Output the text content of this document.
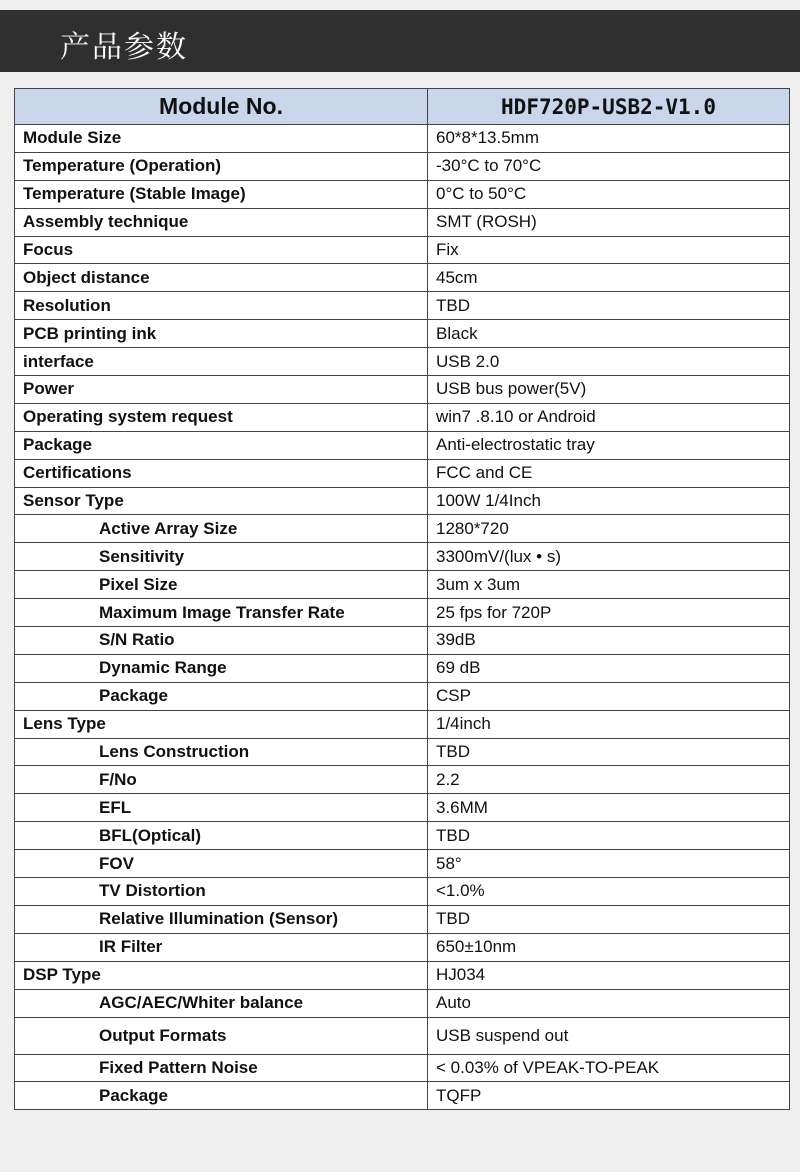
产品参数
Module No.	HDF720P-USB2-V1.0
Module Size	60*8*13.5mm
Temperature (Operation)	-30°C to 70°C
Temperature (Stable Image)	0°C to 50°C
Assembly technique	SMT (ROSH)
Focus	Fix
Object distance	45cm
Resolution	TBD
PCB printing ink	Black
interface	USB 2.0
Power	USB bus power(5V)
Operating system request	win7 .8.10 or Android
Package	Anti-electrostatic tray
Certifications	FCC and CE
Sensor Type	100W 1/4Inch
Active Array Size	1280*720
Sensitivity	3300mV/(lux • s)
Pixel Size	3um x 3um
Maximum Image Transfer Rate	25 fps for 720P
S/N Ratio	39dB
Dynamic Range	69 dB
Package	CSP
Lens Type	1/4inch
Lens Construction	TBD
F/No	2.2
EFL	3.6MM
BFL(Optical)	TBD
FOV	58°
TV Distortion	<1.0%
Relative Illumination (Sensor)	TBD
IR Filter	650±10nm
DSP Type	HJ034
AGC/AEC/Whiter balance	Auto
Output Formats	USB suspend out
Fixed Pattern Noise	< 0.03% of VPEAK-TO-PEAK
Package	TQFP
